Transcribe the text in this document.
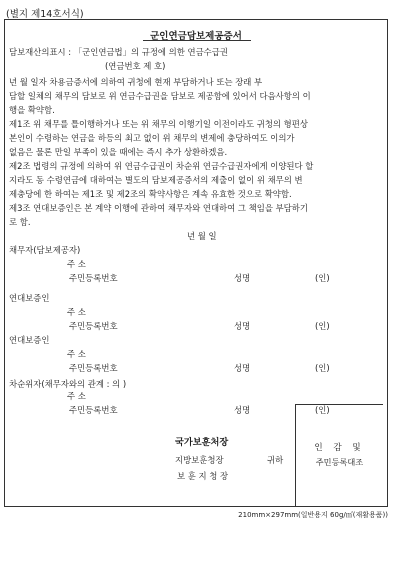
(별지 제14호서식)
군인연금담보제공증서
담보재산의표시 : 「군인연금법」의 규정에 의한 연금수급권
(연금번호 제 호)
년 월 일자 차용금증서에 의하여 귀청에 현재 부담하거나 또는 장래 부
담할 일체의 채무의 담보로 위 연금수급권을 담보로 제공함에 있어서 다음사항의 이
행을 확약함.
제1조 위 채무를 틀이행하거나 또는 위 채무의 이행기일 이전이라도 귀청의 형편상
본인이 수령하는 연금을 하등의 최고 없이 위 채무의 변제에 충당하여도 이의가
없음은 물론 만일 부족이 있을 때에는 즉시 추가 상환하겠음.
제2조 법령의 규정에 의하여 위 연금수급권이 차순위 연금수급권자에게 이양된다 할
지라도 동 수령연금에 대하여는 별도의 담보제공증서의 제출이 없이 위 채무의 변
제충당에 한 하여는 제1조 및 제2조의 확약사항은 계속 유효한 것으로 확약함.
제3조 연대보증인은 본 계약 이행에 관하여 채무자와 연대하여 그 책임을 부담하기
로 함.
년 월 일
채무자(담보제공자)
주 소
주민등록번호	성명	(인)
연대보증인
주 소
주민등록번호	성명	(인)
연대보증인
주 소
주민등록번호	성명	(인)
차순위자(채무자와의 관계 : 의 )
주 소
주민등록번호	성명	(인)
국가보훈처장
지방보훈청장	귀하
보 훈 지 청 장
인 감 및
주민등록대조
210mm×297mm(일반용지 60g/㎡(재활용품))
